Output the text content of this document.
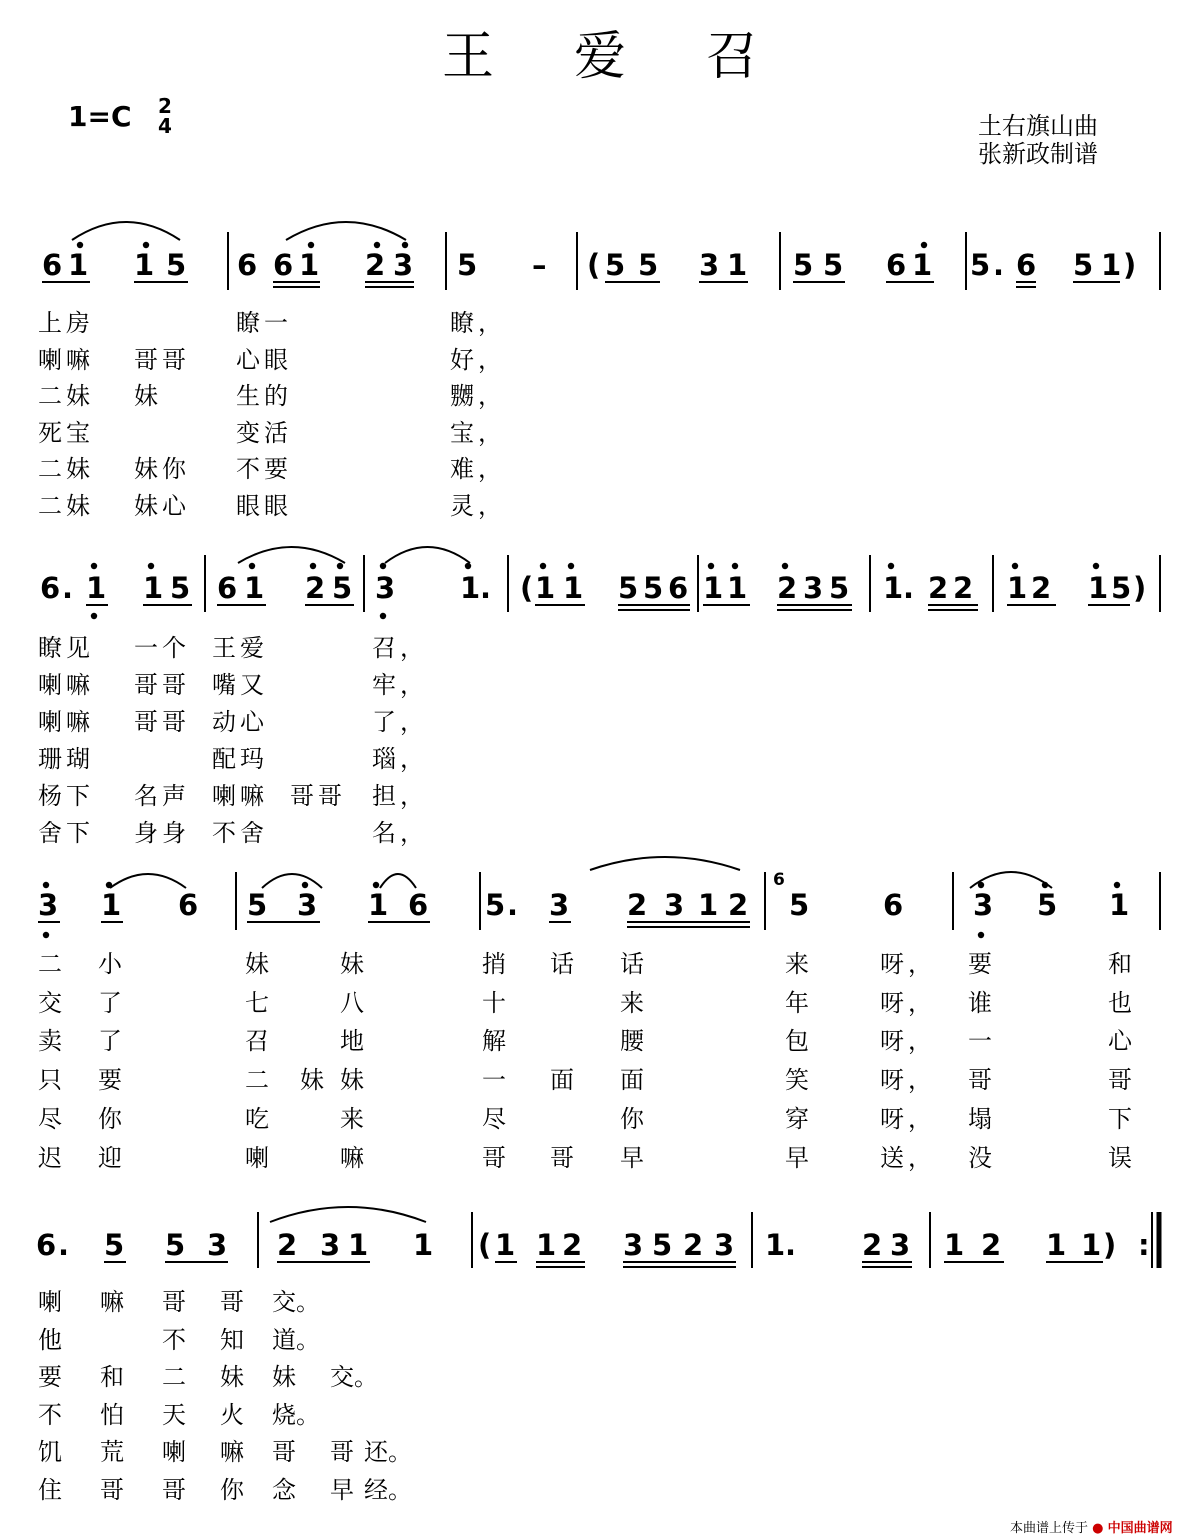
王爱召
1=C	2
4	土右旗山曲
张新政制谱
6 1 1 5 6 6 1 2 3 5 – ( 5 5 3 1 5 5 6 1 5 . 6 5 1 )
6 . 1 1 5 6 1 2 5 3 1 . ( 1 1 5 5 6 1 1 2 3 5 1 . 2 2 1 2 1 5 )
3 1 6 5 3 1 6 5 . 3 2 3 1 2 5	6 3 5 1
6
6 . 5 5 3 2 3 1 1 ( 1 1 2 3 5 2 3 1 . 2 3 1 2 1 1 ) :
上房	瞭一	瞭，
喇嘛 哥哥 心眼	好，
二妹 妹	生的	嬲，
死宝	变活	宝，
二妹 妹你 不要	难，
二妹 妹心 眼眼	灵，
瞭见 一个 王爱	召，
喇嘛 哥哥 嘴又	牢，
喇嘛 哥哥 动心	了，
珊瑚	配玛	瑙，
杨下 名声 喇嘛 哥哥 担，
舍下 身身 不舍	名，
二 小	妹	妹	捎 话 话	来	呀， 要	和
交 了	七	八	十	来	年	呀， 谁	也
卖 了	召	地	解	腰	包	呀， 一	心
只 要	二 妹 妹	一 面 面	笑	呀， 哥	哥
尽 你	吃	来	尽	你	穿	呀， 塌	下
迟 迎	喇	嘛	哥 哥 早	早	送， 没	误
喇 嘛 哥 哥 交。
他	不 知 道。
要 和 二 妹 妹 交。
不 怕 天 火 烧。
饥 荒 喇 嘛 哥 哥 还。
住 哥 哥 你 念 早 经。
本曲谱上传于 ● 中国曲谱网
